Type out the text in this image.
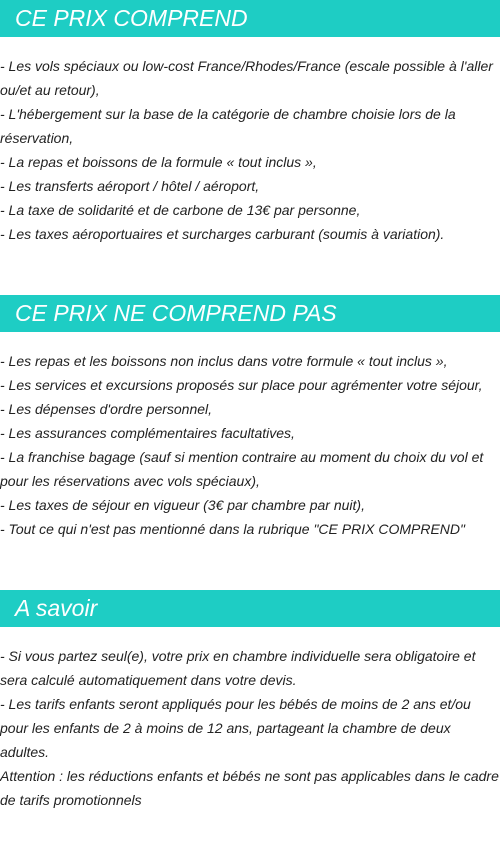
CE PRIX COMPREND
- Les vols spéciaux ou low-cost France/Rhodes/France (escale possible à l'aller ou/et au retour),
- L'hébergement sur la base de la catégorie de chambre choisie lors de la réservation,
- La repas et boissons de la formule « tout inclus »,
- Les transferts aéroport / hôtel / aéroport,
- La taxe de solidarité et de carbone de 13€ par personne,
- Les taxes aéroportuaires et surcharges carburant (soumis à variation).
CE PRIX NE COMPREND PAS
- Les repas et les boissons non inclus dans votre formule « tout inclus »,
- Les services et excursions proposés sur place pour agrémenter votre séjour,
- Les dépenses d'ordre personnel,
- Les assurances complémentaires facultatives,
- La franchise bagage (sauf si mention contraire au moment du choix du vol et pour les réservations avec vols spéciaux),
- Les taxes de séjour en vigueur (3€ par chambre par nuit),
- Tout ce qui n'est pas mentionné dans la rubrique "CE PRIX COMPREND"
A savoir
- Si vous partez seul(e), votre prix en chambre individuelle sera obligatoire et sera calculé automatiquement dans votre devis.
- Les tarifs enfants seront appliqués pour les bébés de moins de 2 ans et/ou pour les enfants de 2 à moins de 12 ans, partageant la chambre de deux adultes.
Attention : les réductions enfants et bébés ne sont pas applicables dans le cadre de tarifs promotionnels
